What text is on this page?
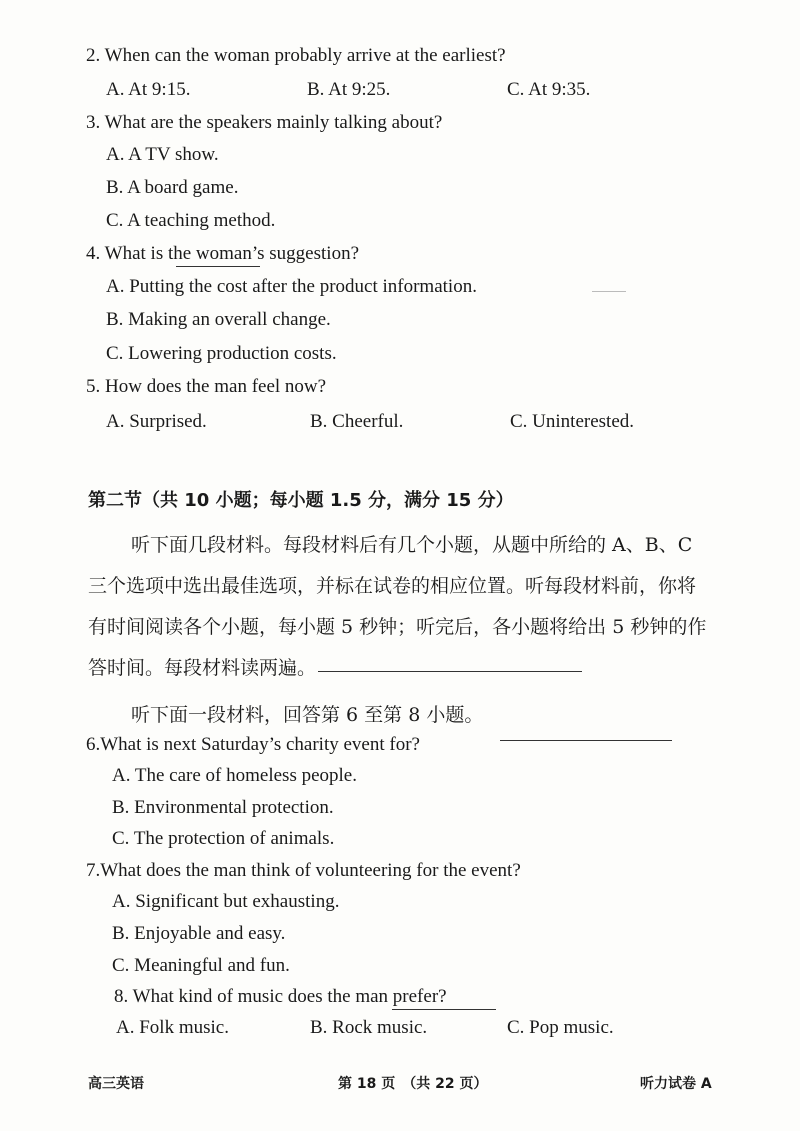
2. When can the woman probably arrive at the earliest?
A. At 9:15.	B. At 9:25.	C. At 9:35.
3. What are the speakers mainly talking about?
A. A TV show.
B. A board game.
C. A teaching method.
4. What is the woman’s suggestion?
A. Putting the cost after the product information.
B. Making an overall change.
C. Lowering production costs.
5. How does the man feel now?
A. Surprised.	B. Cheerful.	C. Uninterested.
第二节（共 10 小题；每小题 1.5 分，满分 15 分）
听下面几段材料。每段材料后有几个小题，从题中所给的 A、B、C
三个选项中选出最佳选项，并标在试卷的相应位置。听每段材料前，你将
有时间阅读各个小题，每小题 5 秒钟；听完后，各小题将给出 5 秒钟的作
答时间。每段材料读两遍。
听下面一段材料，回答第 6 至第 8 小题。
6.What is next Saturday’s charity event for?
A. The care of homeless people.
B. Environmental protection.
C. The protection of animals.
7.What does the man think of volunteering for the event?
A. Significant but exhausting.
B. Enjoyable and easy.
C. Meaningful and fun.
8. What kind of music does the man prefer?
A. Folk music.	B. Rock music.	C. Pop music.
高三英语	第 18 页　（共 22 页）	听力试卷 A
